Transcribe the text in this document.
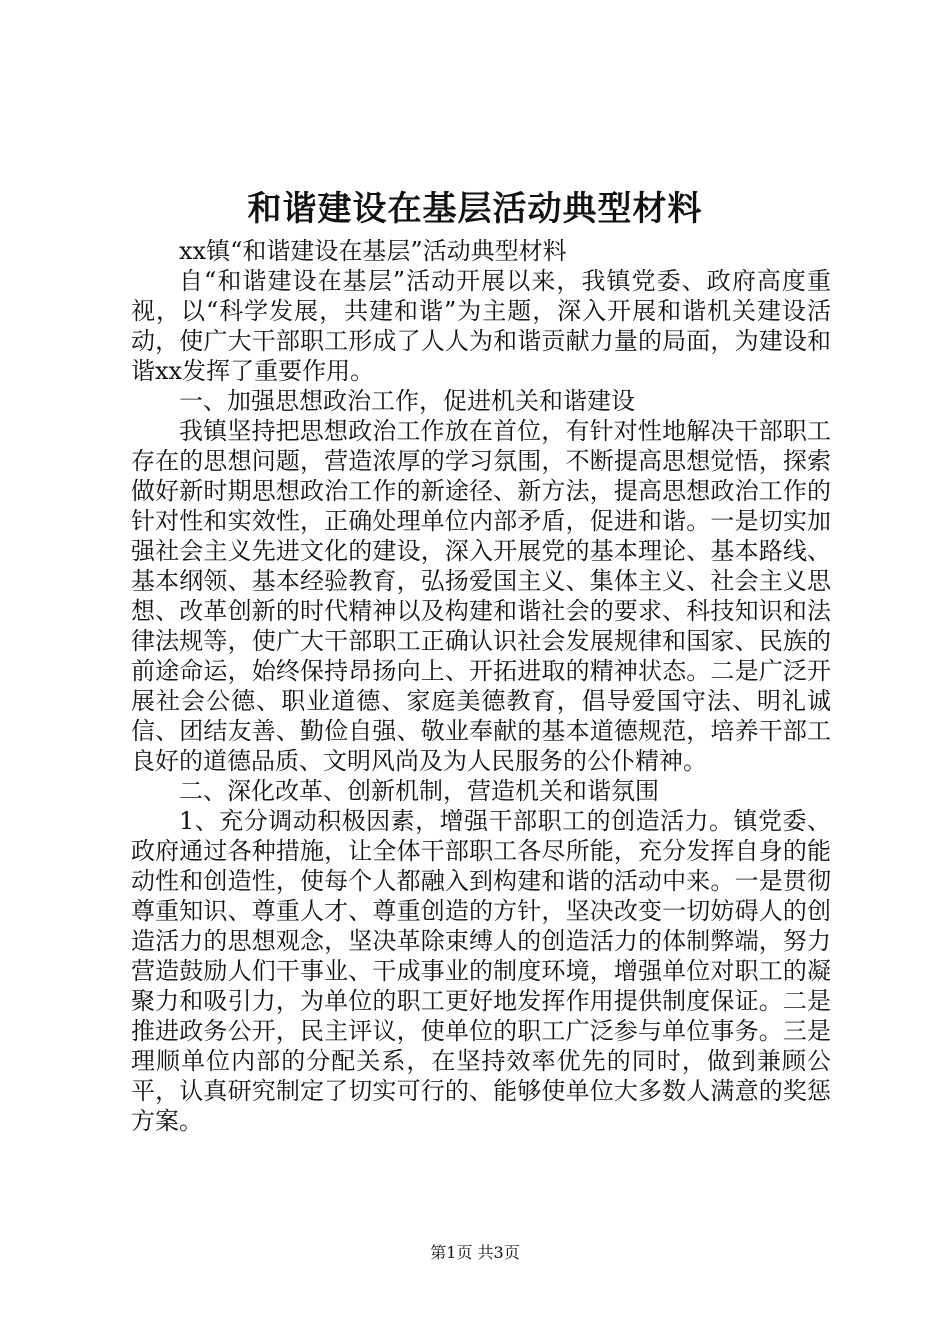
和谐建设在基层活动典型材料

xx镇“和谐建设在基层”活动典型材料

自“和谐建设在基层”活动开展以来，我镇党委、政府高度重视，以“科学发展，共建和谐”为主题，深入开展和谐机关建设活动，使广大干部职工形成了人人为和谐贡献力量的局面，为建设和谐xx发挥了重要作用。

一、加强思想政治工作，促进机关和谐建设

我镇坚持把思想政治工作放在首位，有针对性地解决干部职工存在的思想问题，营造浓厚的学习氛围，不断提高思想觉悟，探索做好新时期思想政治工作的新途径、新方法，提高思想政治工作的针对性和实效性，正确处理单位内部矛盾，促进和谐。一是切实加强社会主义先进文化的建设，深入开展党的基本理论、基本路线、基本纲领、基本经验教育，弘扬爱国主义、集体主义、社会主义思想、改革创新的时代精神以及构建和谐社会的要求、科技知识和法律法规等，使广大干部职工正确认识社会发展规律和国家、民族的前途命运，始终保持昂扬向上、开拓进取的精神状态。二是广泛开展社会公德、职业道德、家庭美德教育，倡导爱国守法、明礼诚信、团结友善、勤俭自强、敬业奉献的基本道德规范，培养干部工良好的道德品质、文明风尚及为人民服务的公仆精神。

二、深化改革、创新机制，营造机关和谐氛围

1、充分调动积极因素，增强干部职工的创造活力。镇党委、政府通过各种措施，让全体干部职工各尽所能，充分发挥自身的能动性和创造性，使每个人都融入到构建和谐的活动中来。一是贯彻尊重知识、尊重人才、尊重创造的方针，坚决改变一切妨碍人的创造活力的思想观念，坚决革除束缚人的创造活力的体制弊端，努力营造鼓励人们干事业、干成事业的制度环境，增强单位对职工的凝聚力和吸引力，为单位的职工更好地发挥作用提供制度保证。二是推进政务公开，民主评议，使单位的职工广泛参与单位事务。三是理顺单位内部的分配关系，在坚持效率优先的同时，做到兼顾公平，认真研究制定了切实可行的、能够使单位大多数人满意的奖惩方案。

第1页 共3页
